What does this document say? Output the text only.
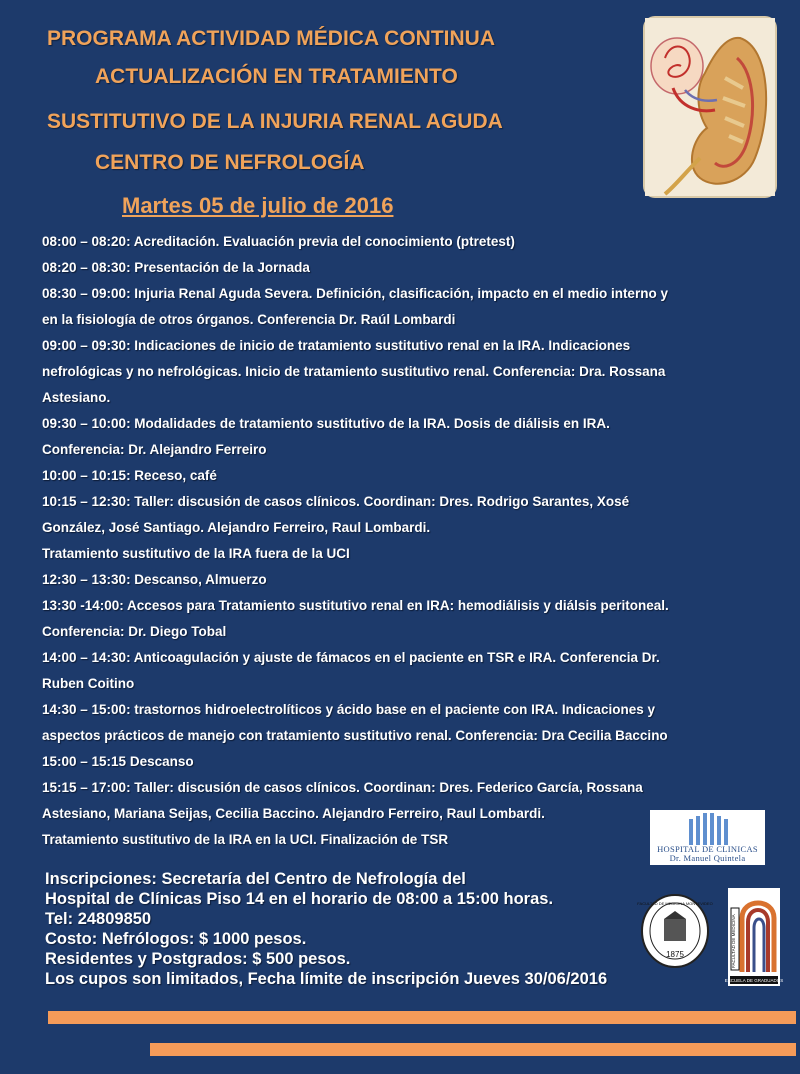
PROGRAMA ACTIVIDAD MÉDICA CONTINUA
ACTUALIZACIÓN EN TRATAMIENTO
SUSTITUTIVO DE LA INJURIA RENAL AGUDA
CENTRO DE NEFROLOGÍA
Martes 05 de julio de 2016
08:00 – 08:20: Acreditación. Evaluación previa del conocimiento (ptretest)
08:20 – 08:30: Presentación de la Jornada
08:30 – 09:00: Injuria Renal Aguda Severa. Definición, clasificación, impacto en el medio interno y
en la fisiología de otros órganos. Conferencia Dr. Raúl Lombardi
09:00 – 09:30: Indicaciones de inicio de tratamiento sustitutivo renal en la IRA. Indicaciones
nefrológicas y no nefrológicas. Inicio de tratamiento sustitutivo renal. Conferencia: Dra. Rossana
Astesiano.
09:30 – 10:00: Modalidades de tratamiento sustitutivo de la IRA. Dosis de diálisis en IRA.
Conferencia: Dr. Alejandro Ferreiro
10:00 – 10:15: Receso, café
10:15 – 12:30: Taller: discusión de casos clínicos. Coordinan: Dres. Rodrigo Sarantes, Xosé
González, José Santiago. Alejandro Ferreiro, Raul Lombardi.
Tratamiento sustitutivo de la IRA fuera de la UCI
12:30 – 13:30: Descanso, Almuerzo
13:30 -14:00: Accesos para Tratamiento sustitutivo renal en IRA: hemodiálisis y diálsis peritoneal.
Conferencia: Dr. Diego Tobal
14:00 – 14:30: Anticoagulación y ajuste de fámacos en el paciente en TSR e IRA. Conferencia Dr.
Ruben Coitino
14:30 – 15:00: trastornos hidroelectrolíticos y ácido base en el paciente con IRA. Indicaciones y
aspectos prácticos de manejo con tratamiento sustitutivo renal. Conferencia: Dra Cecilia Baccino
15:00 – 15:15 Descanso
15:15 – 17:00: Taller: discusión de casos clínicos. Coordinan: Dres. Federico García, Rossana
Astesiano, Mariana Seijas, Cecilia Baccino. Alejandro Ferreiro, Raul Lombardi.
Tratamiento sustitutivo de la IRA en la UCI. Finalización de TSR
HOSPITAL DE CLINICAS
Dr. Manuel Quintela
Inscripciones: Secretaría del Centro de Nefrología del
Hospital de Clínicas Piso 14 en el horario de 08:00 a 15:00 horas.
Tel: 24809850
Costo: Nefrólogos: $ 1000 pesos.
Residentes y Postgrados: $ 500 pesos.
Los cupos son limitados, Fecha límite de inscripción Jueves 30/06/2016
1875
FACULTAD DE MEDICINA MONTEVIDEO
FACULTAD DE MEDICINA
ESCUELA DE GRADUADOS
